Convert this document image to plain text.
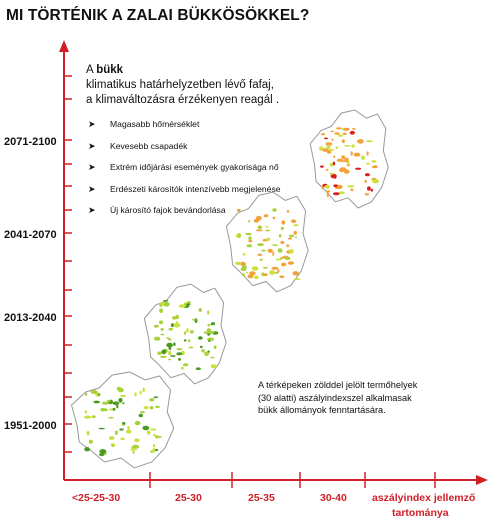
MI TÖRTÉNIK A ZALAI BÜKKÖSÖKKEL?
A bükk
klimatikus határhelyzetben lévő fafaj,
a klimaváltozásra érzékenyen reagál .
➤ Magasabb hőmérséklet
➤ Kevesebb csapadék
➤ Extrém időjárási események gyakorisága nő
➤ Erdészeti károsítók intenzívebb megjelenése
➤ Új károsító fajok bevándorlása
2071-2100
2041-2070
2013-2040
1951-2000
<25-25-30	25-30	25-35	30-40 aszályindex jellemző
tartománya
A térképeken zölddel jelölt termőhelyek (30 alatti) aszályindexszel alkalmasak bükk állományok fenntartására.
